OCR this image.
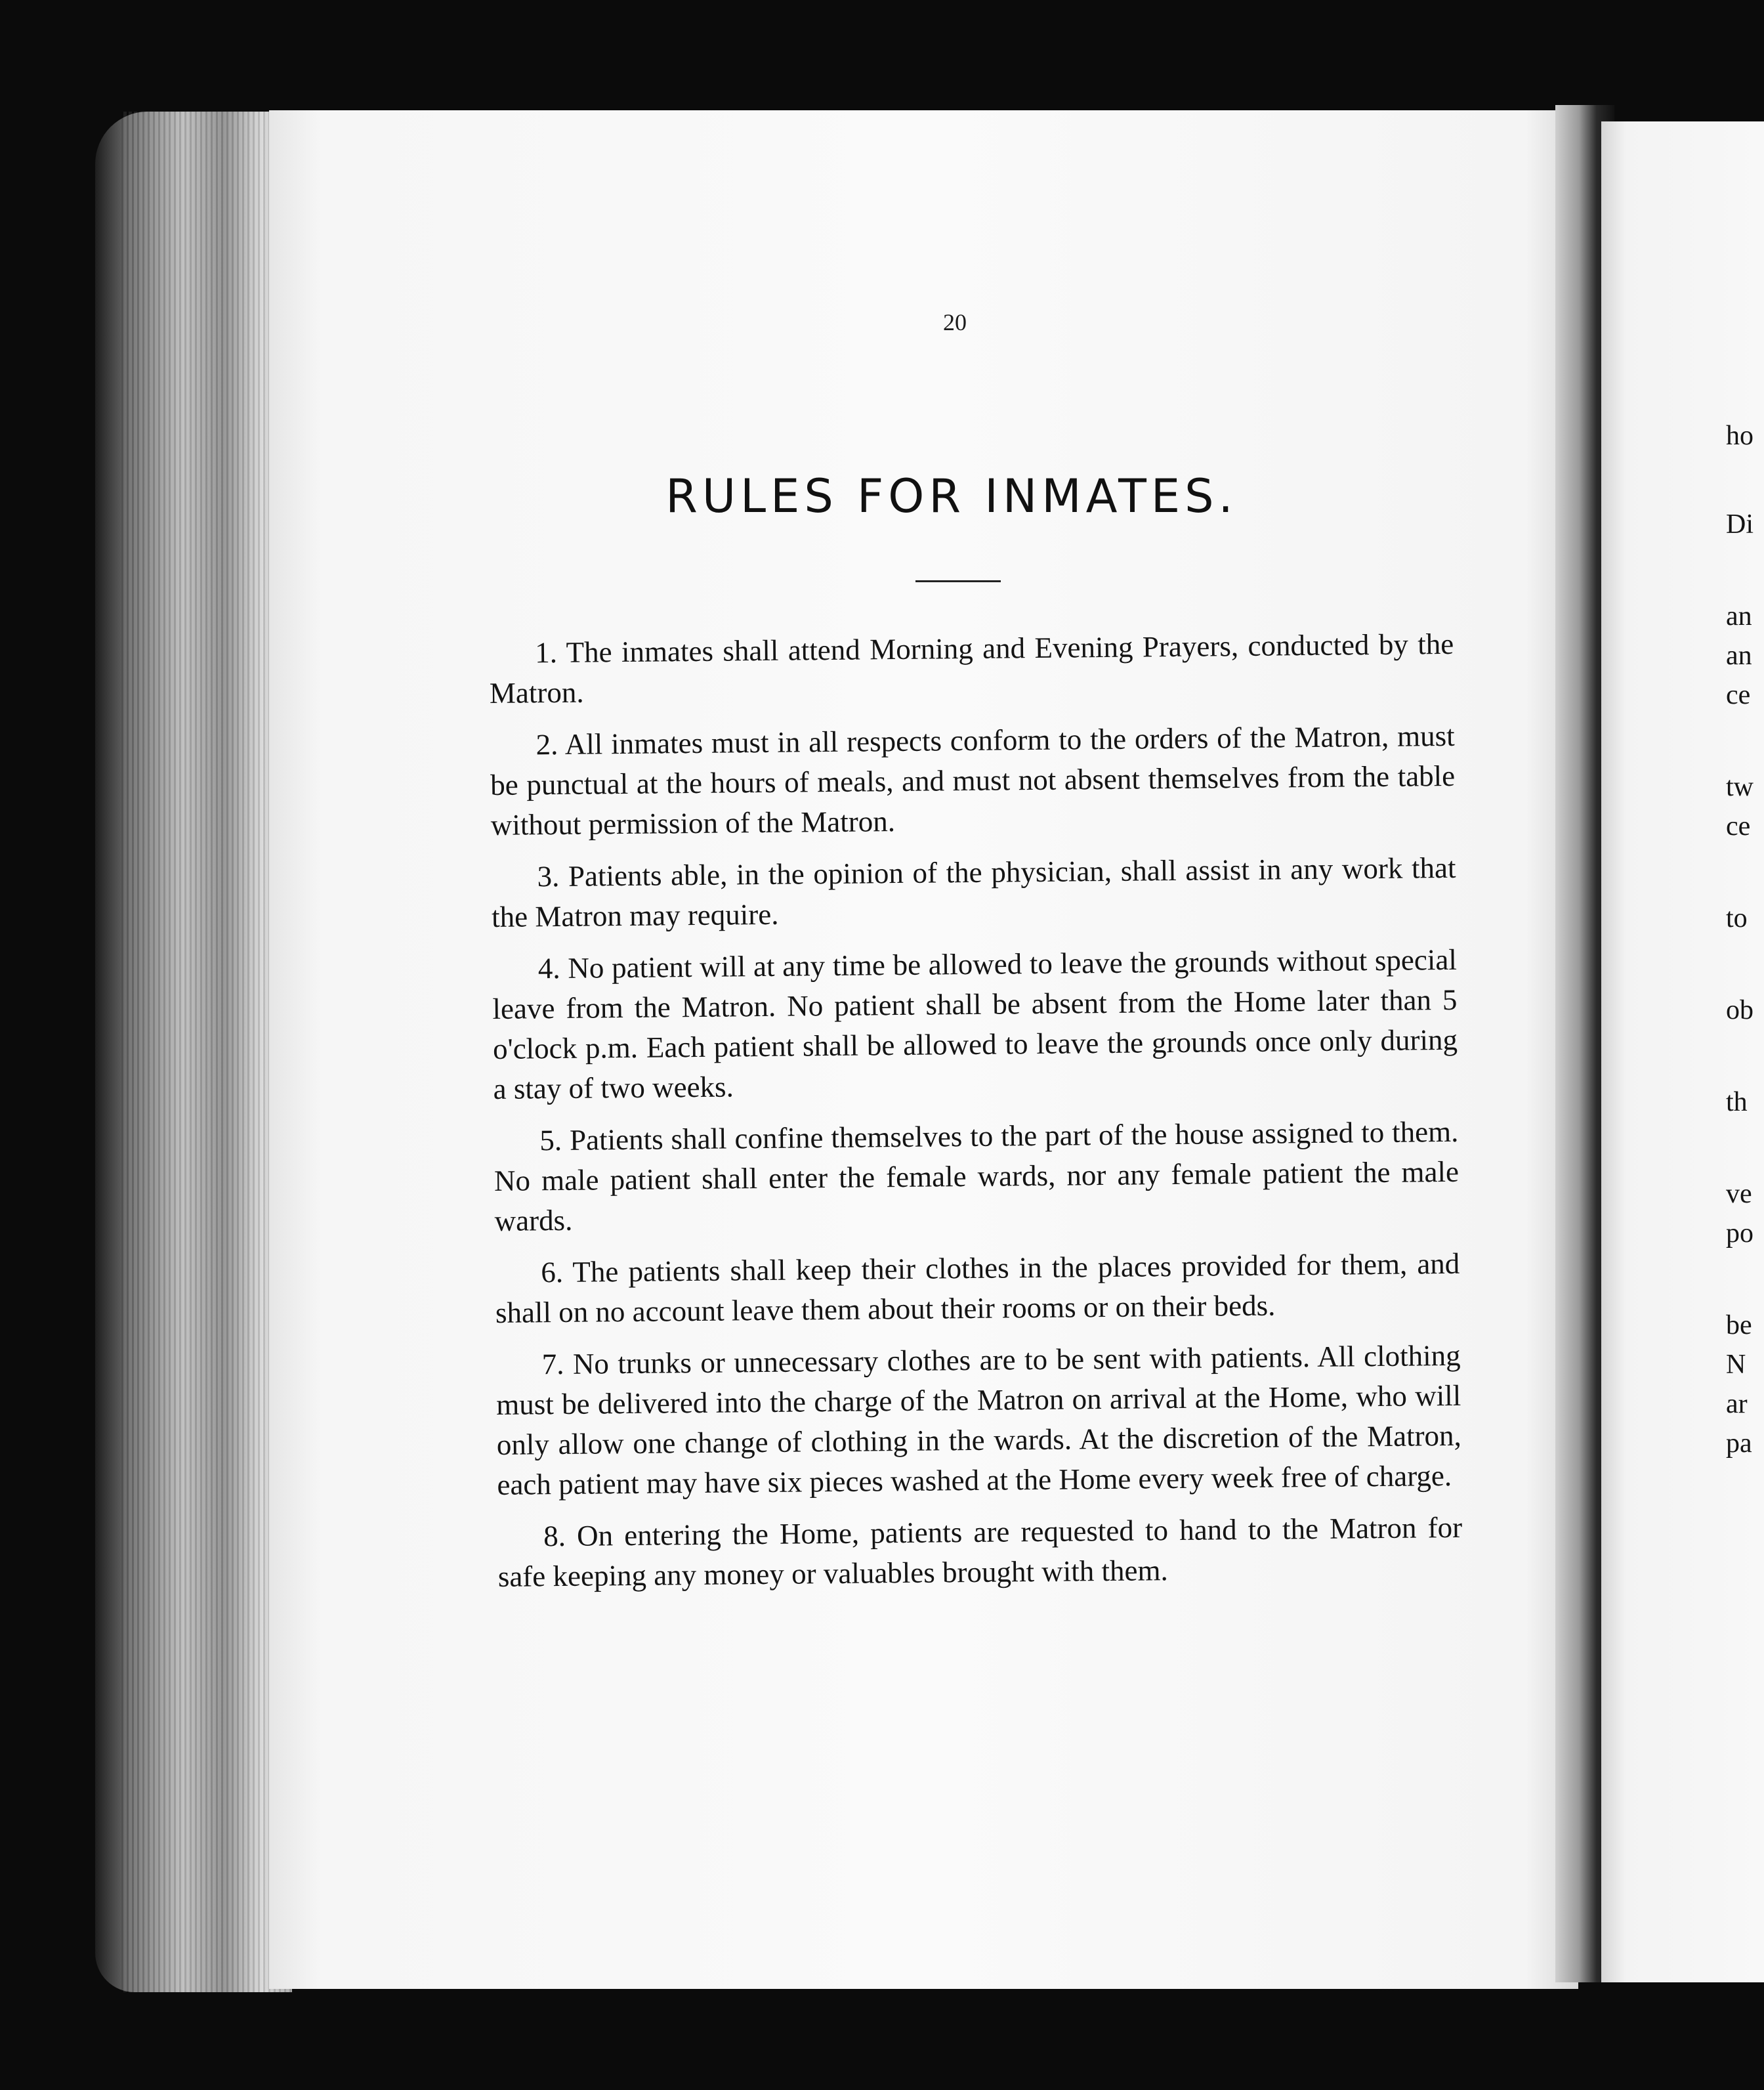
20
RULES FOR INMATES.

1. The inmates shall attend Morning and Evening Prayers, conducted by the Matron.

2. All inmates must in all respects conform to the orders of the Matron, must be punctual at the hours of meals, and must not absent themselves from the table without permission of the Matron.

3. Patients able, in the opinion of the physician, shall assist in any work that the Matron may require.

4. No patient will at any time be allowed to leave the grounds without special leave from the Matron. No patient shall be absent from the Home later than 5 o'clock p.m. Each patient shall be allowed to leave the grounds once only during a stay of two weeks.

5. Patients shall confine themselves to the part of the house assigned to them. No male patient shall enter the female wards, nor any female patient the male wards.

6. The patients shall keep their clothes in the places provided for them, and shall on no account leave them about their rooms or on their beds.

7. No trunks or unnecessary clothes are to be sent with patients. All clothing must be delivered into the charge of the Matron on arrival at the Home, who will only allow one change of clothing in the wards. At the discretion of the Matron, each patient may have six pieces washed at the Home every week free of charge.

8. On entering the Home, patients are requested to hand to the Matron for safe keeping any money or valuables brought with them.

ho
Di
an
an
ce
tw
ce
to
ob
th
ve
po
be
N
ar
pa
